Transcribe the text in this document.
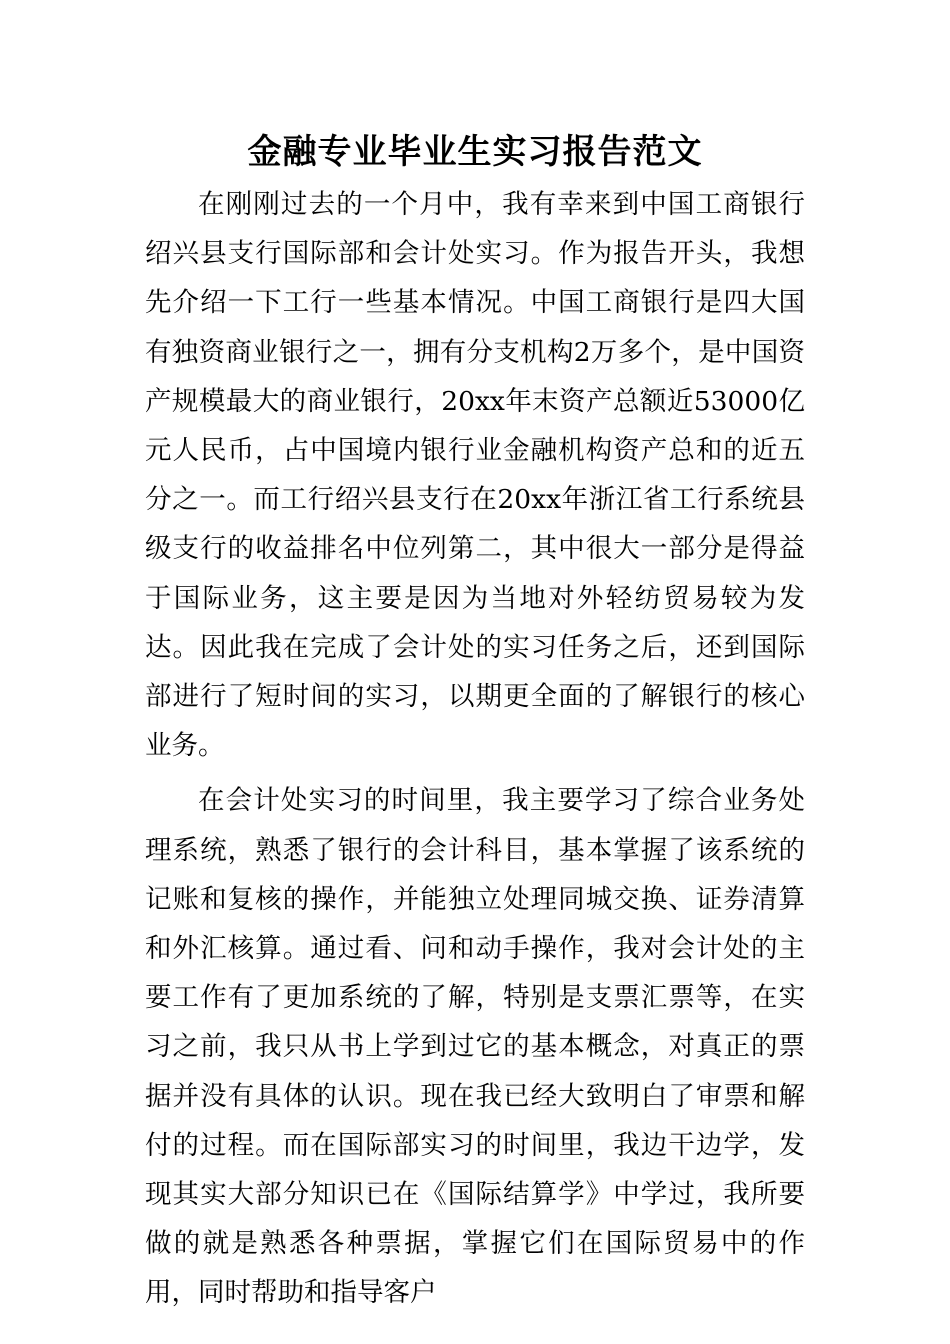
金融专业毕业生实习报告范文

在刚刚过去的一个月中，我有幸来到中国工商银行绍兴县支行国际部和会计处实习。作为报告开头，我想先介绍一下工行一些基本情况。中国工商银行是四大国有独资商业银行之一，拥有分支机构2万多个，是中国资产规模最大的商业银行，20xx年末资产总额近53000亿元人民币，占中国境内银行业金融机构资产总和的近五分之一。而工行绍兴县支行在20xx年浙江省工行系统县级支行的收益排名中位列第二，其中很大一部分是得益于国际业务，这主要是因为当地对外轻纺贸易较为发达。因此我在完成了会计处的实习任务之后，还到国际部进行了短时间的实习，以期更全面的了解银行的核心业务。

在会计处实习的时间里，我主要学习了综合业务处理系统，熟悉了银行的会计科目，基本掌握了该系统的记账和复核的操作，并能独立处理同城交换、证券清算和外汇核算。通过看、问和动手操作，我对会计处的主要工作有了更加系统的了解，特别是支票汇票等，在实习之前，我只从书上学到过它的基本概念，对真正的票据并没有具体的认识。现在我已经大致明白了审票和解付的过程。而在国际部实习的时间里，我边干边学，发现其实大部分知识已在《国际结算学》中学过，我所要做的就是熟悉各种票据，掌握它们在国际贸易中的作用，同时帮助和指导客户
